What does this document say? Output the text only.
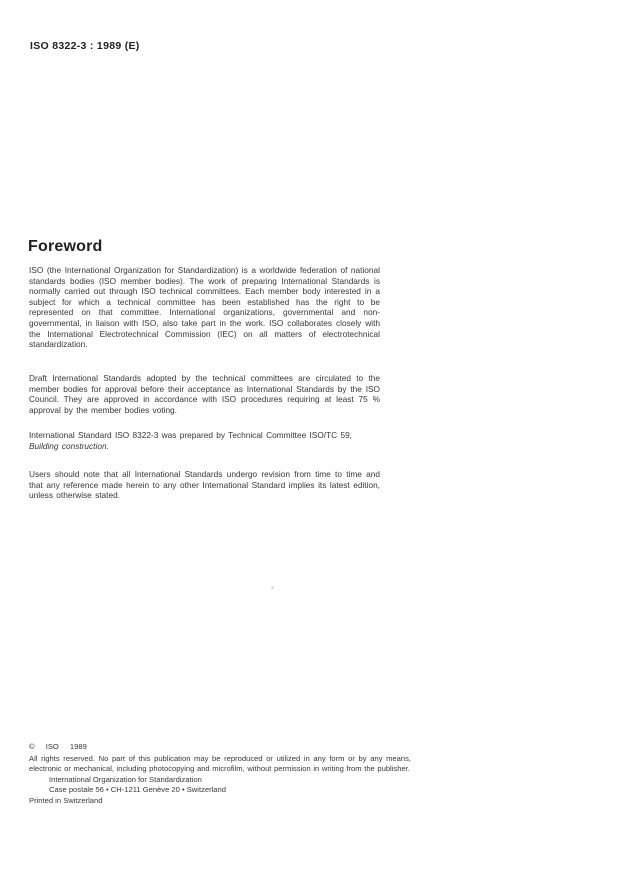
ISO 8322-3 : 1989 (E)
Foreword

ISO (the International Organization for Standardization) is a worldwide federation of national standards bodies (ISO member bodies). The work of preparing International Standards is normally carried out through ISO technical committees. Each member body interested in a subject for which a technical committee has been established has the right to be represented on that committee. International organizations, governmental and non-governmental, in liaison with ISO, also take part in the work. ISO collaborates closely with the International Electrotechnical Commission (IEC) on all matters of electrotechnical standardization.

Draft International Standards adopted by the technical committees are circulated to the member bodies for approval before their acceptance as International Standards by the ISO Council. They are approved in accordance with ISO procedures requiring at least 75 % approval by the member bodies voting.

International Standard ISO 8322-3 was prepared by Technical Committee ISO/TC 59, Building construction.

Users should note that all International Standards undergo revision from time to time and that any reference made herein to any other International Standard implies its latest edition, unless otherwise stated.

© ISO 1989
All rights reserved. No part of this publication may be reproduced or utilized in any form or by any means, electronic or mechanical, including photocopying and microfilm, without permission in writing from the publisher.
International Organization for Standardization
Case postale 56 • CH-1211 Genève 20 • Switzerland
Printed in Switzerland
